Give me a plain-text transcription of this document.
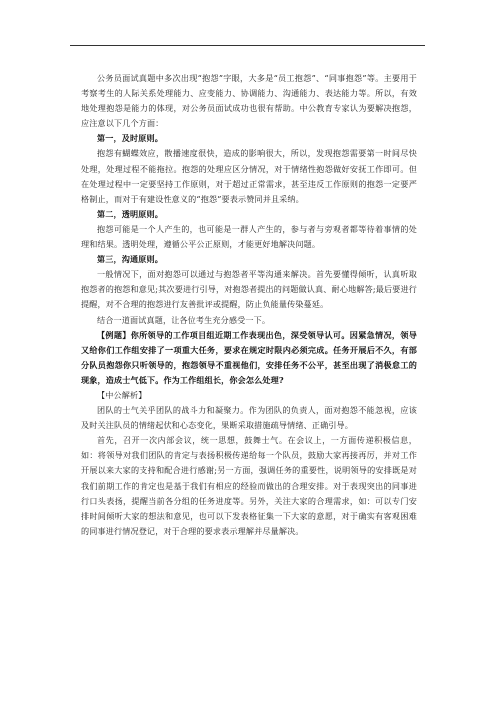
公务员面试真题中多次出现“抱怨”字眼，大多是“员工抱怨”、“同事抱怨”等。主要用于考察考生的人际关系处理能力、应变能力、协调能力、沟通能力、表达能力等。所以，有效地处理抱怨是能力的体现，对公务员面试成功也很有帮助。中公教育专家认为要解决抱怨，应注意以下几个方面：

第一，及时原则。

抱怨有蝴蝶效应，散播速度很快，造成的影响很大，所以，发现抱怨需要第一时间尽快处理，处理过程不能拖拉。抱怨的处理应区分情况，对于情绪性抱怨做好安抚工作即可。但在处理过程中一定要坚持工作原则，对于超过正常需求，甚至违反工作原则的抱怨一定要严格制止，而对于有建设性意义的“抱怨”要表示赞同并且采纳。

第二，透明原则。

抱怨可能是一个人产生的，也可能是一群人产生的，参与者与旁观者都等待着事情的处理和结果。透明处理，遵循公平公正原则，才能更好地解决问题。

第三，沟通原则。

一般情况下，面对抱怨可以通过与抱怨者平等沟通来解决。首先要懂得倾听，认真听取抱怨者的抱怨和意见;其次要进行引导，对抱怨者提出的问题做认真、耐心地解答;最后要进行提醒，对不合理的抱怨进行友善批评或提醒，防止负能量传染蔓延。

结合一道面试真题，让各位考生充分感受一下。

【例题】你所领导的工作项目组近期工作表现出色，深受领导认可。因紧急情况，领导又给你们工作组安排了一项重大任务，要求在规定时限内必须完成。任务开展后不久，有部分队员抱怨你只听领导的，抱怨领导不重视他们，安排任务不公平，甚至出现了消极怠工的现象，造成士气低下。作为工作组组长，你会怎么处理?

【中公解析】

团队的士气关乎团队的战斗力和凝聚力。作为团队的负责人，面对抱怨不能忽视，应该及时关注队员的情绪起伏和心态变化，果断采取措施疏导情绪、正确引导。

首先，召开一次内部会议，统一思想，鼓舞士气。在会议上，一方面传递积极信息，如：将领导对我们团队的肯定与表扬积极传递给每一个队员，鼓励大家再接再厉，并对工作开展以来大家的支持和配合进行感谢;另一方面，强调任务的重要性，说明领导的安排既是对我们前期工作的肯定也是基于我们有相应的经验而做出的合理安排。对于表现突出的同事进行口头表扬，提醒当前各分组的任务进度等。另外，关注大家的合理需求，如：可以专门安排时间倾听大家的想法和意见，也可以下发表格征集一下大家的意愿，对于确实有客观困难的同事进行情况登记，对于合理的要求表示理解并尽量解决。
